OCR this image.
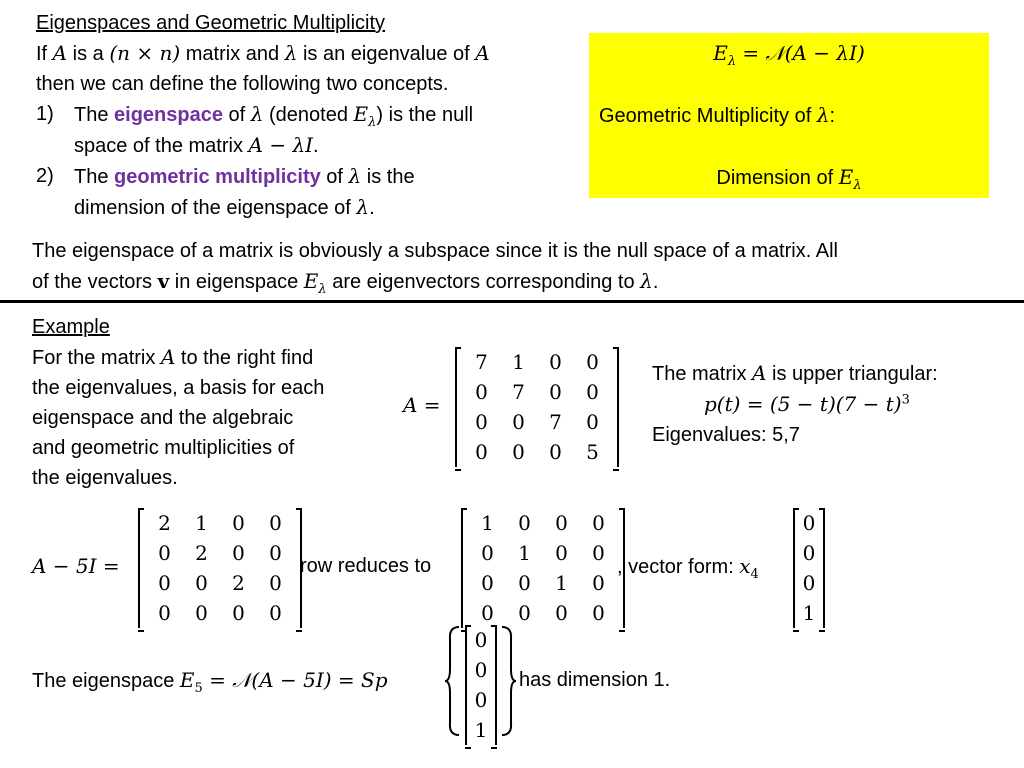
Eigenspaces and Geometric Multiplicity
If A is a (n × n) matrix and λ is an eigenvalue of A
then we can define the following two concepts.
1) The eigenspace of λ (denoted $E_\lambda$) is the null
space of the matrix A − λI.
2) The geometric multiplicity of λ is the
dimension of the eigenspace of λ.
$E_\lambda$ = 𝒩(A − λI)
Geometric Multiplicity of λ:
Dimension of $E_\lambda$
The eigenspace of a matrix is obviously a subspace since it is the null space of a matrix. All
of the vectors v in eigenspace $E_\lambda$ are eigenvectors corresponding to λ.
Example
For the matrix A to the right find
the eigenvalues, a basis for each
eigenspace and the algebraic
and geometric multiplicities of
the eigenvalues.
A =
7	1	0	0
0	7	0	0
0	0	7	0
0	0	0	5
The matrix A is upper triangular:
$p(t) = (5 - t)(7 - t)^3$
Eigenvalues: 5,7
A − 5I =
2	1	0	0
0	2	0	0
0	0	2	0
0	0	0	0
row reduces to
1	0	0	0
0	1	0	0
0	0	1	0
0	0	0	0
, vector form: $x_4$
0
0
0
1
The eigenspace $E_5$ = 𝒩(A − 5I) = Sp
0
0
0
1
has dimension 1.
